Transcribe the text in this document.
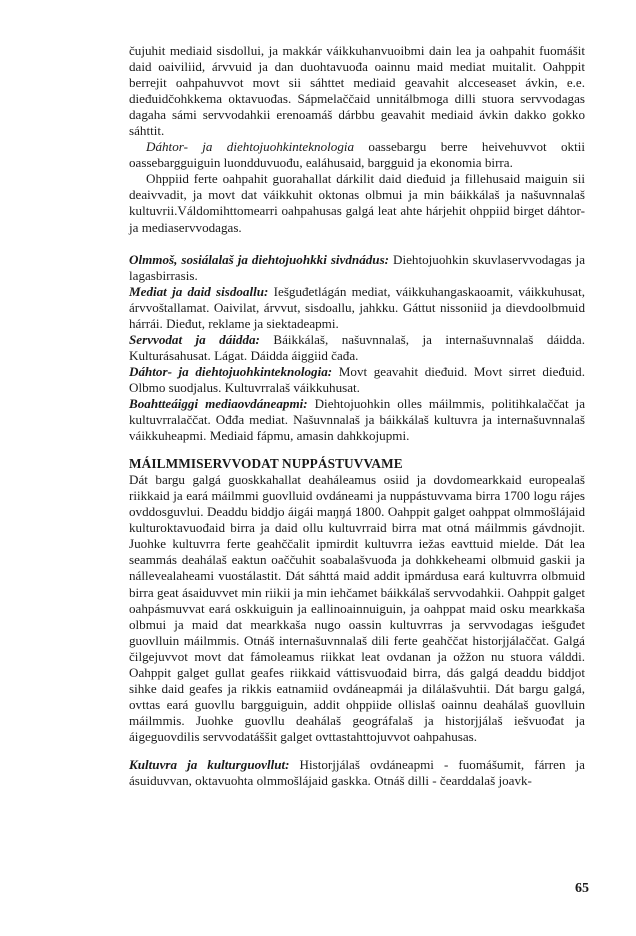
čujuhit mediaid sisdollui, ja makkár váikkuhanvuoibmi dain lea ja oahpahit fuomášit daid oaiviliid, árvvuid ja dan duohtavuođa oainnu maid mediat muitalit. Oahppit berrejit oahpahuvvot movt sii sáhttet mediaid geavahit alcceseaset ávkin, e.e. dieđuidčohkkema oktavuođas. Sápmelaččaid unnitálbmoga dilli stuora servvodagas dagaha sámi servvodahkii erenoamáš dárbbu geavahit mediaid ávkin dakko gokko sáhttit.

Dáhtor- ja diehtojuohkinteknologia oassebargu berre heivehuvvot oktii oassebargguiguin luondduvuođu, ealáhusaid, bargguid ja ekonomia birra.

Ohppiid ferte oahpahit guorahallat dárkilit daid dieđuid ja fillehusaid maiguin sii deaivvadit, ja movt dat váikkuhit oktonas olbmui ja min báikkálaš ja našuvnnalaš kultuvrii.Váldomihttomearri oahpahusas galgá leat ahte hárjehit ohppiid birget dáhtor- ja mediaservvodagas.

Olmmoš, sosiálalaš ja diehtojuohkki sivdnádus: Diehtojuohkin skuvlaservvodagas ja lagasbirrasis.

Mediat ja daid sisdoallu: Iešguđetlágán mediat, váikkuhangaskaoamit, váikkuhusat, árvvoštallamat. Oaivilat, árvvut, sisdoallu, jahkku. Gáttut nissoniid ja dievdoolbmuid hárrái. Dieđut, reklame ja siektadeapmi.

Servvodat ja dáidda: Báikkálaš, našuvnnalaš, ja internašuvnnalaš dáidda. Kulturásahusat. Lágat. Dáidda áiggiid čađa.

Dáhtor- ja diehtojuohkinteknologia: Movt geavahit dieđuid. Movt sirret dieđuid. Olbmo suodjalus. Kultuvrralaš váikkuhusat.

Boahtteáiggi mediaovdáneapmi: Diehtojuohkin olles máilmmis, politihkalaččat ja kultuvrralaččat. Ođđa mediat. Našuvnnalaš ja báikkálaš kultuvra ja internašuvnnalaš váikkuheapmi. Mediaid fápmu, amasin dahkkojupmi.

MÁILMMISERVVODAT NUPPÁSTUVVAME

Dát bargu galgá guoskkahallat deaháleamus osiid ja dovdomearkkaid europealaš riikkaid ja eará máilmmi guovlluid ovdáneami ja nuppástuvvama birra 1700 logu rájes ovddosguvlui. Deaddu biddjo áigái maŋŋá 1800. Oahppit galget oahppat olmmošlájaid kulturoktavuođaid birra ja daid ollu kultuvrraid birra mat otná máilmmis gávdnojit. Juohke kultuvrra ferte geahččalit ipmirdit kultuvrra iežas eavttuid mielde. Dát lea seammás deahálaš eaktun oaččuhit soabalašvuođa ja dohkkeheami olbmuid gaskii ja nállevealaheami vuostálastit. Dát sáhttá maid addit ipmárdusa eará kultuvrra olbmuid birra geat ásaiduvvet min riikii ja min iehčamet báikkálaš servvodahkii. Oahppit galget oahpásmuvvat eará oskkuiguin ja eallinoainnuiguin, ja oahppat maid osku mearkkaša olbmui ja maid dat mearkkaša nugo oassin kultuvrras ja servvodagas iešguđet guovlluin máilmmis. Otnáš internašuvnnalaš dili ferte geahččat historjjálaččat. Galgá čilgejuvvot movt dat fámoleamus riikkat leat ovdanan ja ožžon nu stuora válddi. Oahppit galget gullat geafes riikkaid váttisvuođaid birra, dás galgá deaddu biddjot sihke daid geafes ja rikkis eatnamiid ovdáneapmái ja dilálašvuhtii. Dát bargu galgá, ovttas eará guovllu bargguiguin, addit ohppiide ollislaš oainnu deahálaš guovlluin máilmmis. Juohke guovllu deahálaš geográfalaš ja historjjálaš iešvuođat ja áigeguovdilis servvodatáššit galget ovttastahttojuvvot oahpahusas.

Kultuvra ja kulturguovllut: Historjjálaš ovdáneapmi - fuomášumit, fárren ja ásuiduvvan, oktavuohta olmmošlájaid gaskka. Otnáš dilli - čearddalaš joavk-

65
